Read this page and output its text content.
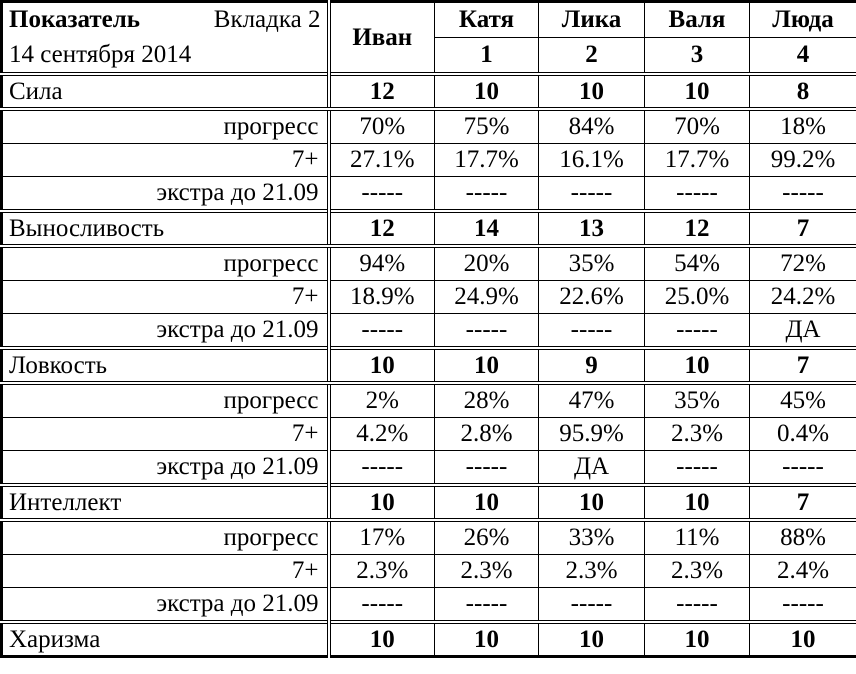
Показатель Вкладка 2	Иван	Катя	Лика	Валя	Люда
14 сентября 2014		1	2	3	4
Сила	12	10	10	10	8
прогресс	70%	75%	84%	70%	18%
7+	27.1%	17.7%	16.1%	17.7%	99.2%
экстра до 21.09	-----	-----	-----	-----	-----
Выносливость	12	14	13	12	7
прогресс	94%	20%	35%	54%	72%
7+	18.9%	24.9%	22.6%	25.0%	24.2%
экстра до 21.09	-----	-----	-----	-----	ДА
Ловкость	10	10	9	10	7
прогресс	2%	28%	47%	35%	45%
7+	4.2%	2.8%	95.9%	2.3%	0.4%
экстра до 21.09	-----	-----	ДА	-----	-----
Интеллект	10	10	10	10	7
прогресс	17%	26%	33%	11%	88%
7+	2.3%	2.3%	2.3%	2.3%	2.4%
экстра до 21.09	-----	-----	-----	-----	-----
Харизма	10	10	10	10	10
